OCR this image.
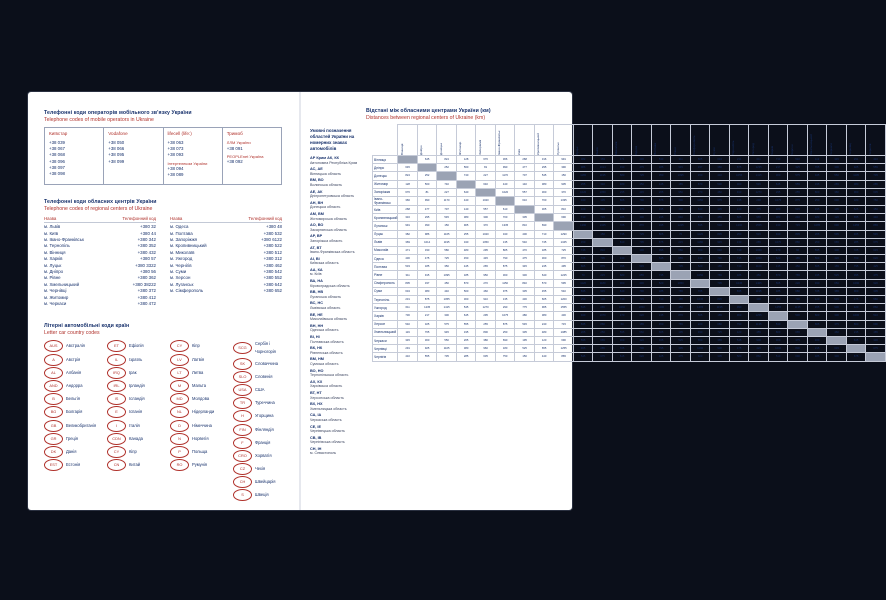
Телефонні коди операторів мобільного зв'язку України
Telephone codes of mobile operators in Ukraine
Київстар
+38 039
+38 067
+38 068
+38 096
+38 097
+38 098
Vodafone
+38 050
+38 066
+38 095
+38 099
lifecell (life:)
+38 063
+38 073
+38 093
Інтертелеком України
+38 094
+38 089
Тримоб
ЛЛМ України
+38 091
PEOPLEnet Україна
+38 092
Телефонні коди обласних центрів України
Telephone codes of regional centers of Ukraine
Назва	Телефонний код
м. Львів	+380 32
м. Київ	+380 44
м. Івано-Франківськ	+380 342
м. Тернопіль	+380 352
м. Вінниця	+380 432
м. Харків	+380 57
м. Луцьк	+380 3322
м. Дніпро	+380 56
м. Рівне	+380 362
м. Хмельницький	+380 38222
м. Чернівці	+380 372
м. Житомир	+380 412
м. Черкаси	+380 472
Назва	Телефонний код
м. Одеса	+380 48
м. Полтава	+380 532
м. Запоріжжя	+380 6122
м. Кропивницький	+380 522
м. Миколаїв	+380 512
м. Ужгород	+380 312
м. Чернігів	+380 462
м. Суми	+380 542
м. Херсон	+380 552
м. Луганськ	+380 642
м. Сімферополь	+380 652
Літерні автомобільні коди країн
Letter car country codes
AUS	Австралія
A	Австрія
AL	Албанія
AND	Андорра
B	Бельгія
BG	Болгарія
GB	Великобританія
GR	Греція
DK	Данія
EST	Естонія
ET	Ефіопія
IL	Ізраїль
IRQ	Ірак
IRL	Ірландія
IS	Ісландія
E	Іспанія
I	Італія
CDN	Канада
CY	Кіпр
CN	Китай
CY	Кіпр
LV	Латвія
LT	Литва
M	Мальта
MD	Молдова
NL	Нідерланди
D	Німеччина
N	Норвегія
P	Польща
RO	Румунія
SCG
Сербія і Чорногорія
SK	Словаччина
SLO	Словенія
USA	США
TR	Туреччина
H	Угорщина
FIN	Фінляндія
F	Франція
CRO	Хорватія
CZ	Чехія
CH	Швейцарія
S	Швеція
Відстані між обласними центрами України (км)
Distances between regional centers of Ukraine (km)
Умовні позначення областей України на номерних знаках автомобілів
АР Крим АК, КК
Автономна Республіка Крим
АС, АЕ
Вінницька область
ВМ, ВО
Волинська область
АЕ, АК
Дніпропетровська область
АН, ВН
Донецька область
АМ, ВМ
Житомирська область
АО, ВО
Закарпатська область
АР, ВР
Запорізька область
АТ, ВТ
Івано-Франківська область
АІ, ВІ
Київська область
АА, КА
м. Київ
ВА, НА
Кіровоградська область
ВВ, НВ
Луганська область
ВС, НС
Львівська область
ВЕ, НЕ
Миколаївська область
ВН, НН
Одеська область
ВІ, НІ
Полтавська область
ВК, НК
Рівненська область
ВМ, НМ
Сумська область
ВО, НО
Тернопільська область
АХ, КХ
Харківська область
ВТ, НТ
Херсонська область
ВХ, НХ
Хмельницька область
СА, ІА
Черкаська область
СЕ, ІЕ
Чернівецька область
СВ, ІВ
Чернігівська область
СН, ІН
м. Севастополь

	Вінниця	Дніпро	Донецьк	Житомир	Запоріжжя	Івано-Франківськ	Київ	Кропивницький	Луганськ	Луцьк	Львів	Миколаїв	Одеса	Полтава	Рівне	Сімферополь	Суми	Тернопіль	Ужгород	Харків	Херсон	Хмельницький	Черкаси	Чернівці	Чернігів

Вінниця		645	824	128	676	366	268	316	991	382	369	471	430	533	311	805	634	231	611	730	540	119	345	291	410
Дніпро	645		252	560	81	990	477	295	390	986	1014	330	475	185	915	337	380	875	1235	217	325	765	300	925	555
Донецьк	824	252		740	227	1170	707	545	150	1165	1195	580	725	350	1095	450	440	1055	1415	300	575	945	550	1105	735
Житомир	128	560	740		640	440	140	380	905	255	340	480	450	445	185	870	500	300	545	645	555	195	265	380	285
Запоріжжя	676	81	227	640		1020	557	300	370	1020	1050	295	445	265	950	270	460	910	1270	295	255	800	380	960	635
Івано-Франківськ	366	990	1170	440	1020		610	700	1335	340	135	805	790	875	300	1150	975	135	290	1075	875	250	690	180	750
Київ	268	477	707	140	557	610		305	810	400	540	470	475	345	330	840	335	430	775	480	545	335	195	525	150
Кропивницький	316	295	545	380	300	700	305		690	710	745	185	300	245	640	570	455	605	965	380	240	480	120	655	440
Луганськ	991	390	150	905	370	1335	810	690		1290	1345	725	870	495	1225	595	540	1200	1555	430	715	1085	690	1255	865
Луцьк	382	986	1165	255	1020	340	400	710	1290		150	745	725	805	70	1120	835	250	515	940	835	265	595	465	545
Львів	369	1014	1195	340	1050	135	540	745	1345	150		810	795	875	215	1180	945	130	265	1070	880	250	665	285	675
Миколаїв	471	330	580	480	295	805	470	185	725	745	810		130	395	680	300	640	740	1060	470	60	595	300	725	615
Одеса	430	475	725	450	445	790	475	300	870	725	795	130		545	655	430	790	715	1050	620	185	560	420	700	620
Полтава	533	185	350	445	265	875	345	245	495	805	875	395	545		735	520	185	740	1100	135	450	665	165	795	425
Рівне	311	915	1095	185	950	300	330	640	1225	70	215	680	655	735		1050	765	185	450	870	765	195	525	395	475
Сімферополь	805	337	450	870	270	1150	840	570	595	1120	1180	300	430	520	1050		705	1045	1405	565	220	930	650	1090	920
Суми	634	380	440	500	460	975	335	455	540	835	945	640	790	185	765	705		835	1195	185	680	725	365	900	305
Тернопіль	231	875	1055	300	910	135	430	605	1200	250	130	740	715	740	185	1045	835		390	960	790	120	545	175	580
Ужгород	611	1235	1415	545	1270	290	775	965	1555	515	265	1060	1050	1100	450	1405	1195	390		1255	1135	455	900	420	860
Харків	730	217	300	645	295	1075	480	380	430	940	1070	470	620	135	870	565	185	960	1255		530	800	300	1000	510
Херсон	540	325	575	555	255	875	545	240	715	835	880	60	185	450	765	220	680	790	1135	530		665	375	800	690
Хмельницький	119	765	945	195	800	250	335	480	1085	265	250	595	560	665	195	930	725	120	455	800	665		460	215	485
Черкаси	345	300	550	265	380	690	195	120	690	595	665	300	420	165	525	650	365	545	900	300	375	460		615	330
Чернівці	291	925	1105	380	960	180	525	655	1255	465	285	725	700	795	395	1090	900	175	420	1000	800	215	615		675
Чернігів	410	555	735	285	635	750	150	440	865	545	675	615	620	425	475	920	305	580	860	510	690	485	330	675	
